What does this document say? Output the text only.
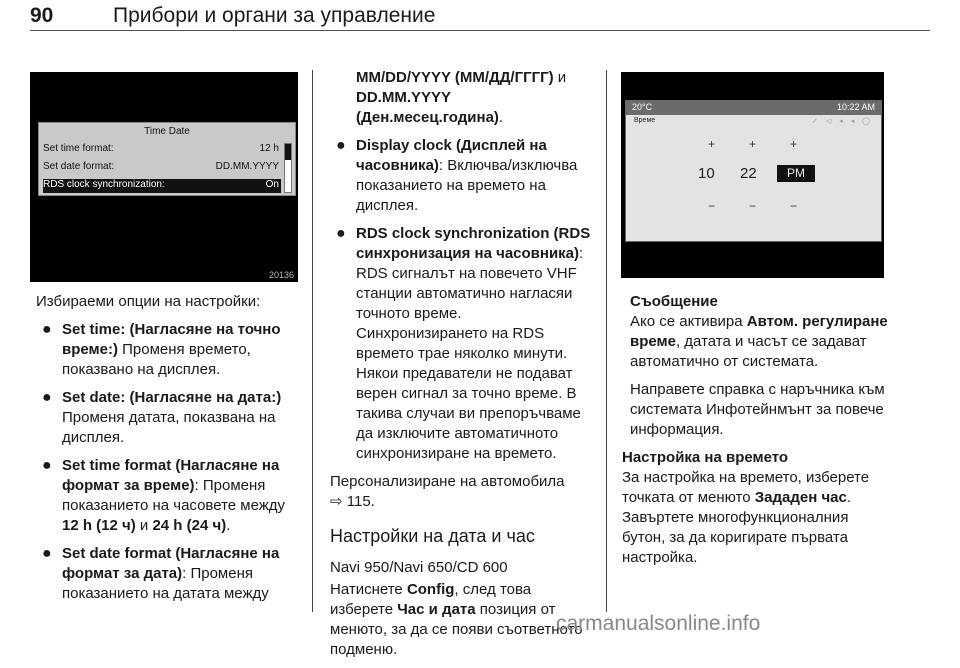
90	Прибори и органи за управление
Time Date
Set time format:	12 h
Set date format:	DD.MM.YYYY
RDS clock synchronization:	On
20136

Избираеми опции на настройки:

● Set time: (Нагласяне на точно време:) Променя времето, показвано на дисплея.
● Set date: (Нагласяне на дата:) Променя датата, показвана на дисплея.
● Set time format (Нагласяне на формат за време): Променя показанието на часовете между 12 h (12 ч) и 24 h (24 ч).
● Set date format (Нагласяне на формат за дата): Променя показанието на датата между
MM/DD/YYYY (ММ/ДД/ГГГГ) и DD.MM.YYYY (Ден.месец.година).
● Display clock (Дисплей на часовника): Включва/изключва показанието на времето на дисплея.
● RDS clock synchronization (RDS синхронизация на часовника):
RDS сигналът на повечето VHF станции автоматично нагласяи точното време.
Синхронизирането на RDS времето трае няколко минути. Някои предаватели не подават верен сигнал за точно време. В такива случаи ви препоръчваме да изключите автоматичното синхронизиране на времето.

Персонализиране на автомобила
⇨ 115.

Настройки на дата и час
Navi 950/Navi 650/CD 600

Натиснете Config, след това изберете Час и дата позиция от менюто, за да се появи съответното подменю.

20°C	10:22 AM
Време	✓ ◁ ◂ ◂ ◯
+	+	+
10 22	PM
−	−	−
Съобщение

Ако се активира Автом. регулиране време, датата и часът се задават автоматично от системата.

Направете справка с наръчника към системата Инфотейнмънт за повече информация.

Настройка на времето

За настройка на времето, изберете точката от менюто Зададен час. Завъртете многофункционалния бутон, за да коригирате първата настройка.

carmanualsonline.info
